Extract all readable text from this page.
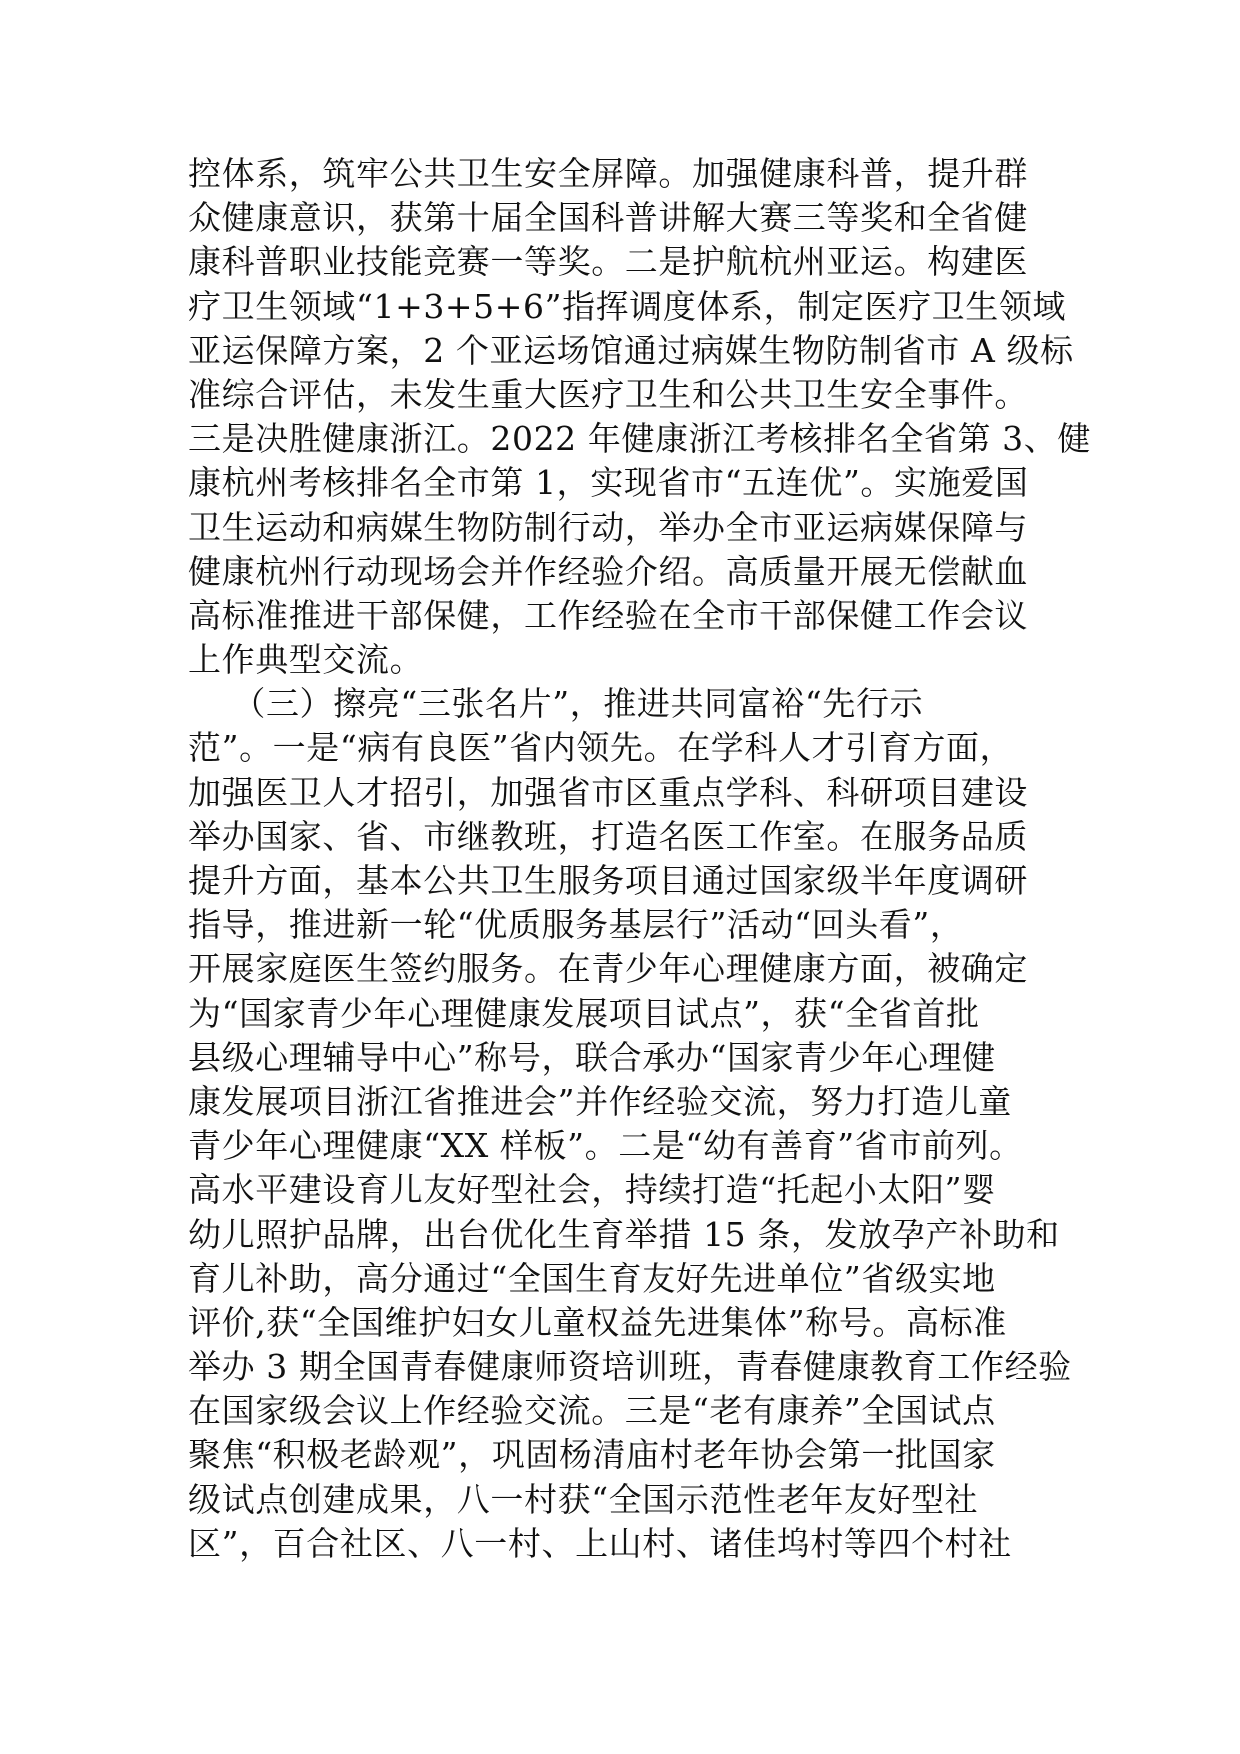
控体系，筑牢公共卫生安全屏障。加强健康科普，提升群
众健康意识，获第十届全国科普讲解大赛三等奖和全省健
康科普职业技能竞赛一等奖。二是护航杭州亚运。构建医
疗卫生领域“1+3+5+6”指挥调度体系，制定医疗卫生领域
亚运保障方案，2 个亚运场馆通过病媒生物防制省市 A 级标
准综合评估，未发生重大医疗卫生和公共卫生安全事件。
三是决胜健康浙江。2022 年健康浙江考核排名全省第 3、健
康杭州考核排名全市第 1，实现省市“五连优”。实施爱国
卫生运动和病媒生物防制行动，举办全市亚运病媒保障与
健康杭州行动现场会并作经验介绍。高质量开展无偿献血
高标准推进干部保健，工作经验在全市干部保健工作会议
上作典型交流。
（三）擦亮“三张名片”，推进共同富裕“先行示
范”。一是“病有良医”省内领先。在学科人才引育方面，
加强医卫人才招引，加强省市区重点学科、科研项目建设
举办国家、省、市继教班，打造名医工作室。在服务品质
提升方面，基本公共卫生服务项目通过国家级半年度调研
指导，推进新一轮“优质服务基层行”活动“回头看”，
开展家庭医生签约服务。在青少年心理健康方面，被确定
为“国家青少年心理健康发展项目试点”，获“全省首批
县级心理辅导中心”称号，联合承办“国家青少年心理健
康发展项目浙江省推进会”并作经验交流，努力打造儿童
青少年心理健康“XX 样板”。二是“幼有善育”省市前列。
高水平建设育儿友好型社会，持续打造“托起小太阳”婴
幼儿照护品牌，出台优化生育举措 15 条，发放孕产补助和
育儿补助，高分通过“全国生育友好先进单位”省级实地
评价,获“全国维护妇女儿童权益先进集体”称号。高标准
举办 3 期全国青春健康师资培训班，青春健康教育工作经验
在国家级会议上作经验交流。三是“老有康养”全国试点
聚焦“积极老龄观”，巩固杨清庙村老年协会第一批国家
级试点创建成果，八一村获“全国示范性老年友好型社
区”，百合社区、八一村、上山村、诸佳坞村等四个村社
